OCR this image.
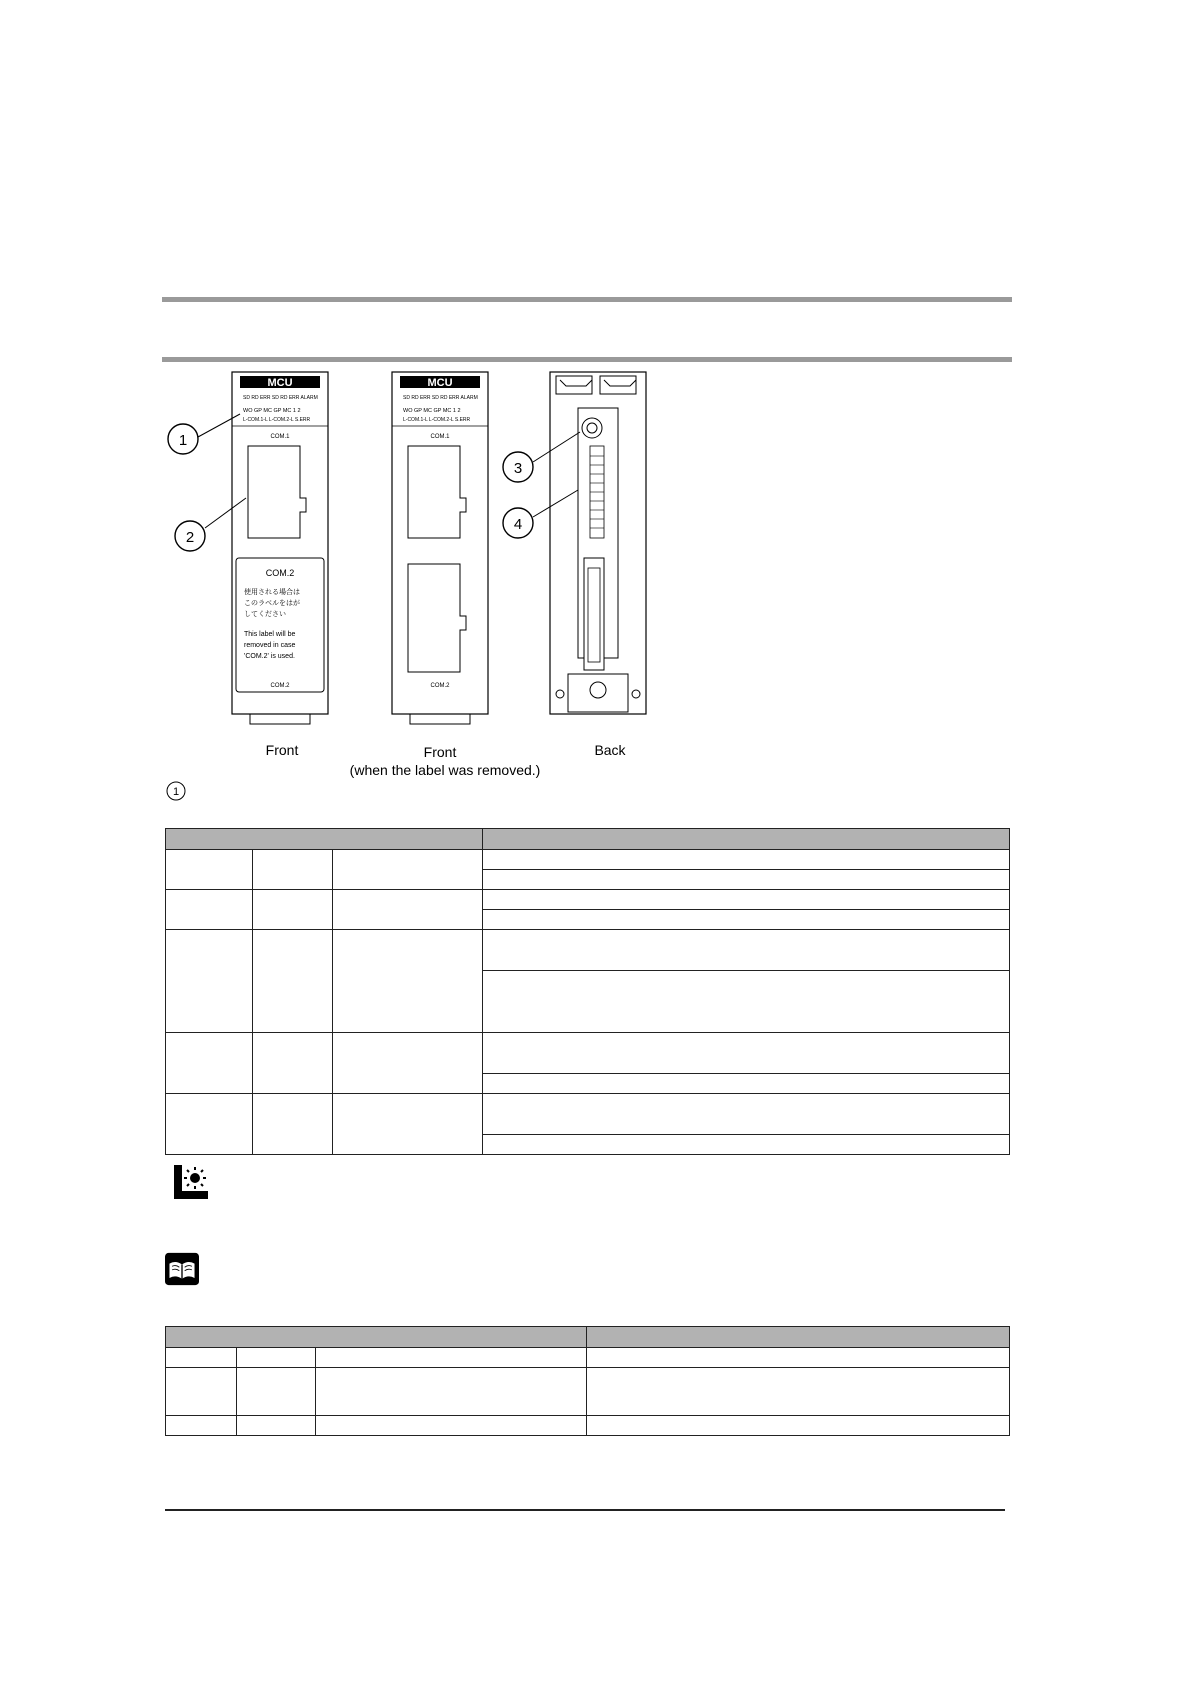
MCU
SD RD ERR SD RD ERR ALARM
WO GP MC GP MC 1 2
L-COM.1-L L-COM.2-L S.ERR
COM.1
COM.2
使用される場合は
このラベルをはが
してください
This label will be
removed in case
'COM.2' is used.
COM.2
MCU
SD RD ERR SD RD ERR ALARM
WO GP MC GP MC 1 2
L-COM.1-L L-COM.2-L S.ERR
COM.1
COM.2
1
2
3
4
Front	Front
(when the label was removed.)
Back
1
